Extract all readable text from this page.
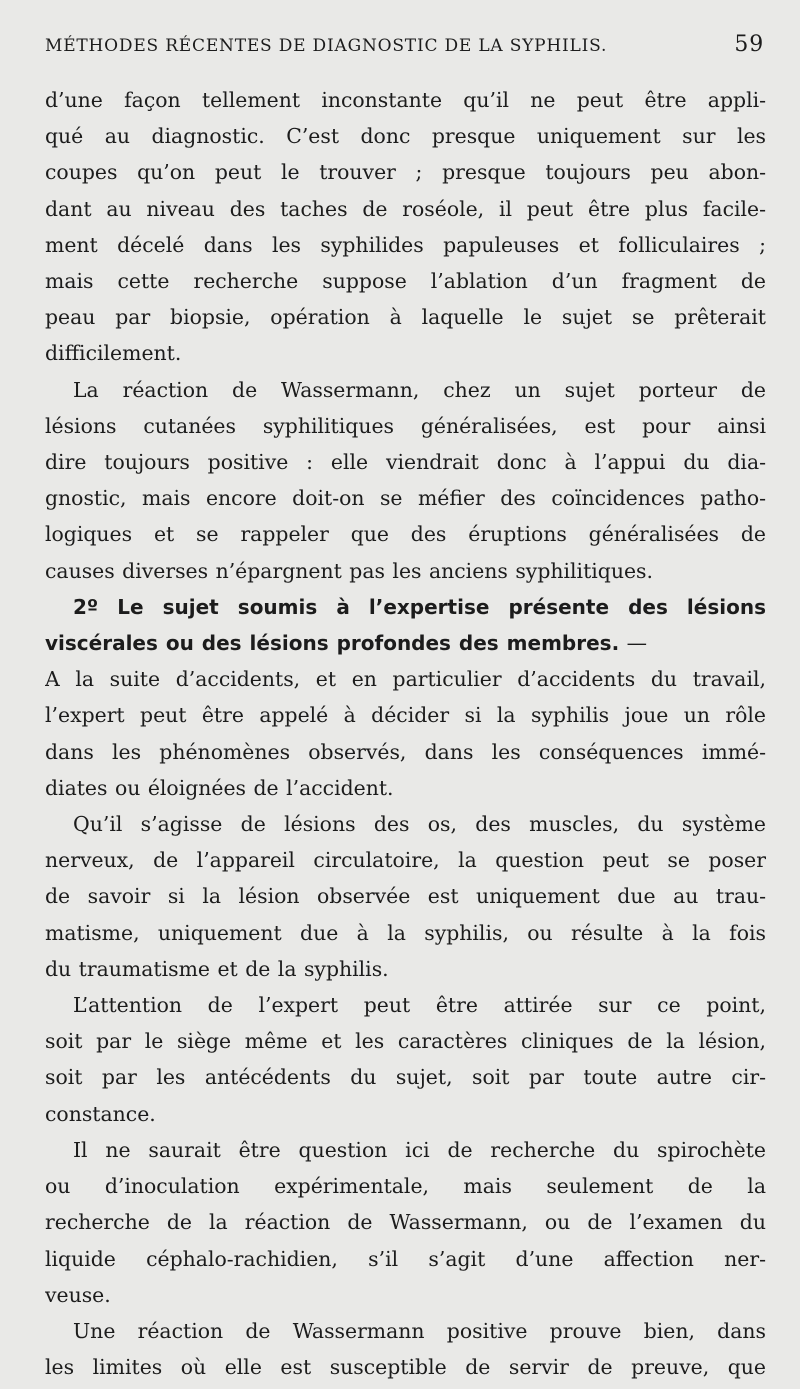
MÉTHODES RÉCENTES DE DIAGNOSTIC DE LA SYPHILIS.	59
d’une façon tellement inconstante qu’il ne peut être appli-
qué au diagnostic. C’est donc presque uniquement sur les
coupes qu’on peut le trouver ; presque toujours peu abon-
dant au niveau des taches de roséole, il peut être plus facile-
ment décelé dans les syphilides papuleuses et folliculaires ;
mais cette recherche suppose l’ablation d’un fragment de
peau par biopsie, opération à laquelle le sujet se prêterait
difficilement.
La réaction de Wassermann, chez un sujet porteur de
lésions cutanées syphilitiques généralisées, est pour ainsi
dire toujours positive : elle viendrait donc à l’appui du dia-
gnostic, mais encore doit-on se méfier des coïncidences patho-
logiques et se rappeler que des éruptions généralisées de
causes diverses n’épargnent pas les anciens syphilitiques.
2º Le sujet soumis à l’expertise présente des lésions
viscérales ou des lésions profondes des membres. —
A la suite d’accidents, et en particulier d’accidents du travail,
l’expert peut être appelé à décider si la syphilis joue un rôle
dans les phénomènes observés, dans les conséquences immé-
diates ou éloignées de l’accident.
Qu’il s’agisse de lésions des os, des muscles, du système
nerveux, de l’appareil circulatoire, la question peut se poser
de savoir si la lésion observée est uniquement due au trau-
matisme, uniquement due à la syphilis, ou résulte à la fois
du traumatisme et de la syphilis.
L’attention de l’expert peut être attirée sur ce point,
soit par le siège même et les caractères cliniques de la lésion,
soit par les antécédents du sujet, soit par toute autre cir-
constance.
Il ne saurait être question ici de recherche du spirochète
ou d’inoculation expérimentale, mais seulement de la
recherche de la réaction de Wassermann, ou de l’examen du
liquide céphalo-rachidien, s’il s’agit d’une affection ner-
veuse.
Une réaction de Wassermann positive prouve bien, dans
les limites où elle est susceptible de servir de preuve, que
